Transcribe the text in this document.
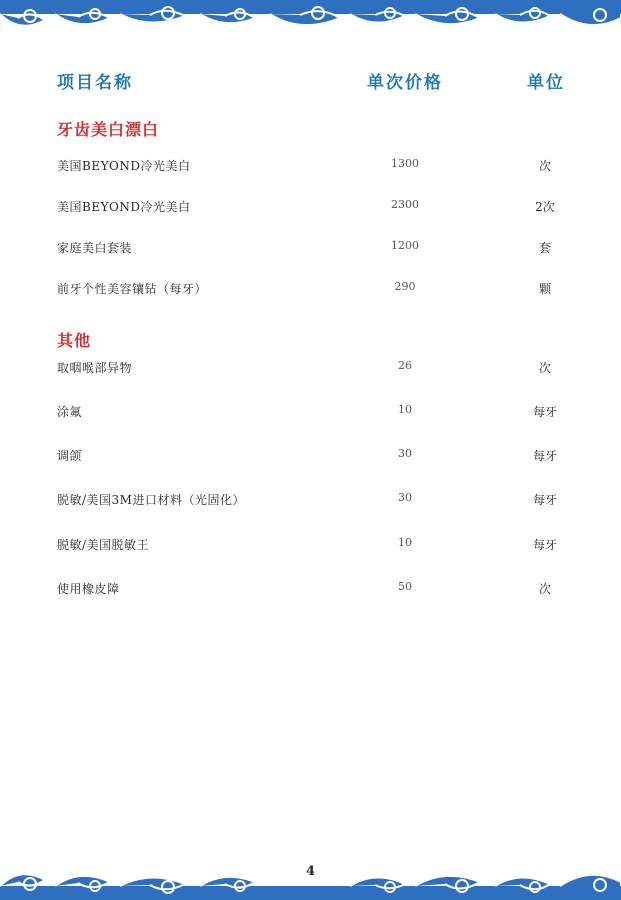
项目名称	单次价格	单位
牙齿美白漂白
美国BEYOND冷光美白	1300	次
美国BEYOND冷光美白	2300	2次
家庭美白套装	1200	套
前牙个性美容镶钻（每牙）	290	颗
其他
取咽喉部异物	26	次
涂氟	10	每牙
调颌	30	每牙
脱敏/美国3M进口材料（光固化）	30	每牙
脱敏/美国脱敏王	10	每牙
使用橡皮障	50	次
4
